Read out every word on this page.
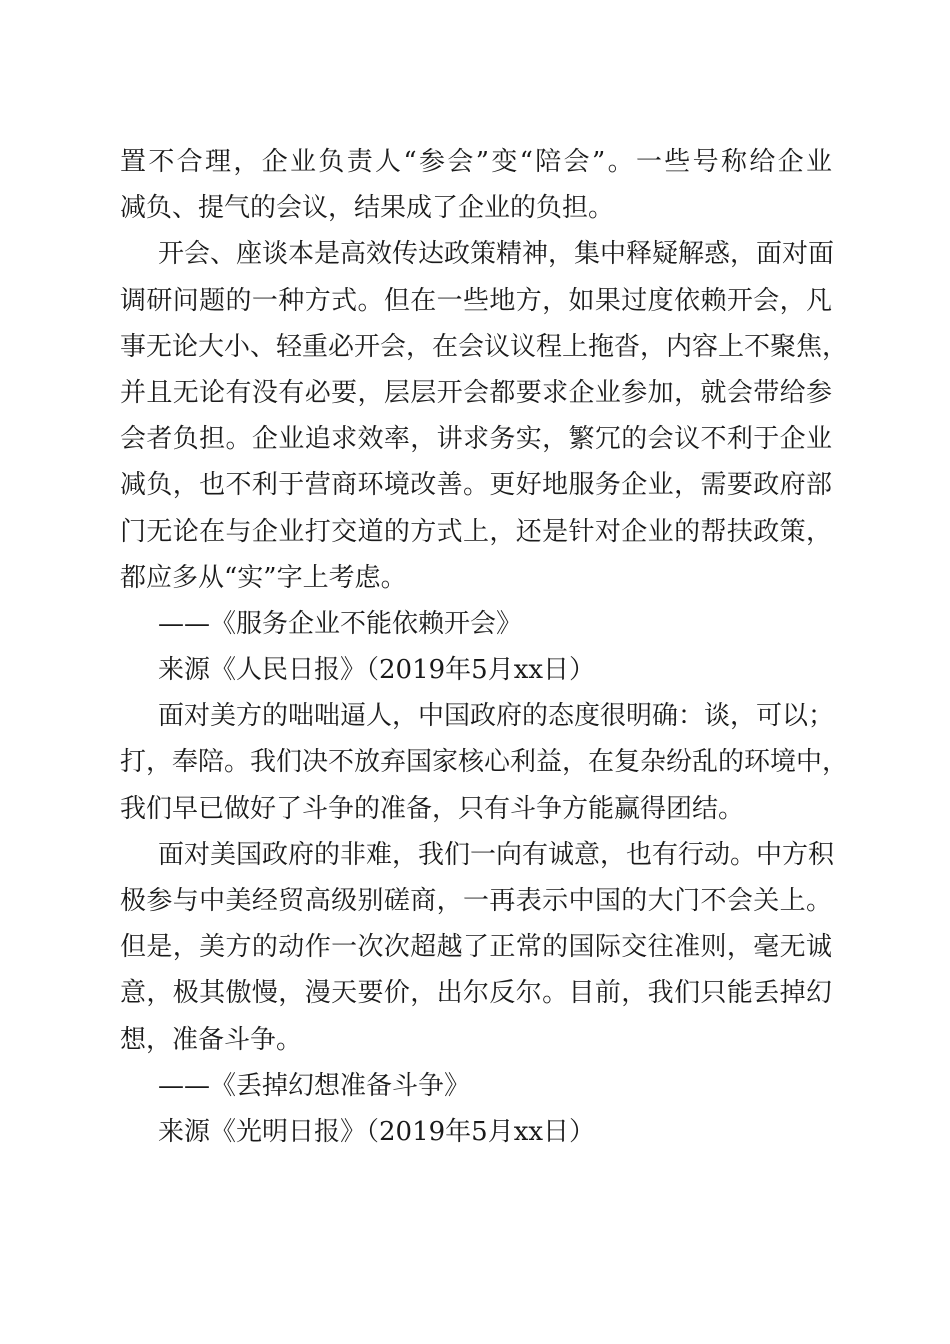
置不合理，企业负责人“参会”变“陪会”。一些号称给企业
减负、提气的会议，结果成了企业的负担。
开会、座谈本是高效传达政策精神，集中释疑解惑，面对面
调研问题的一种方式。但在一些地方，如果过度依赖开会，凡
事无论大小、轻重必开会，在会议议程上拖沓，内容上不聚焦，
并且无论有没有必要，层层开会都要求企业参加，就会带给参
会者负担。企业追求效率，讲求务实，繁冗的会议不利于企业
减负，也不利于营商环境改善。更好地服务企业，需要政府部
门无论在与企业打交道的方式上，还是针对企业的帮扶政策，
都应多从“实”字上考虑。
——《服务企业不能依赖开会》
来源《人民日报》（2019年5月xx日）
面对美方的咄咄逼人，中国政府的态度很明确：谈，可以；
打，奉陪。我们决不放弃国家核心利益，在复杂纷乱的环境中，
我们早已做好了斗争的准备，只有斗争方能赢得团结。
面对美国政府的非难，我们一向有诚意，也有行动。中方积
极参与中美经贸高级别磋商，一再表示中国的大门不会关上。
但是，美方的动作一次次超越了正常的国际交往准则，毫无诚
意，极其傲慢，漫天要价，出尔反尔。目前，我们只能丢掉幻
想，准备斗争。
——《丢掉幻想准备斗争》
来源《光明日报》（2019年5月xx日）
